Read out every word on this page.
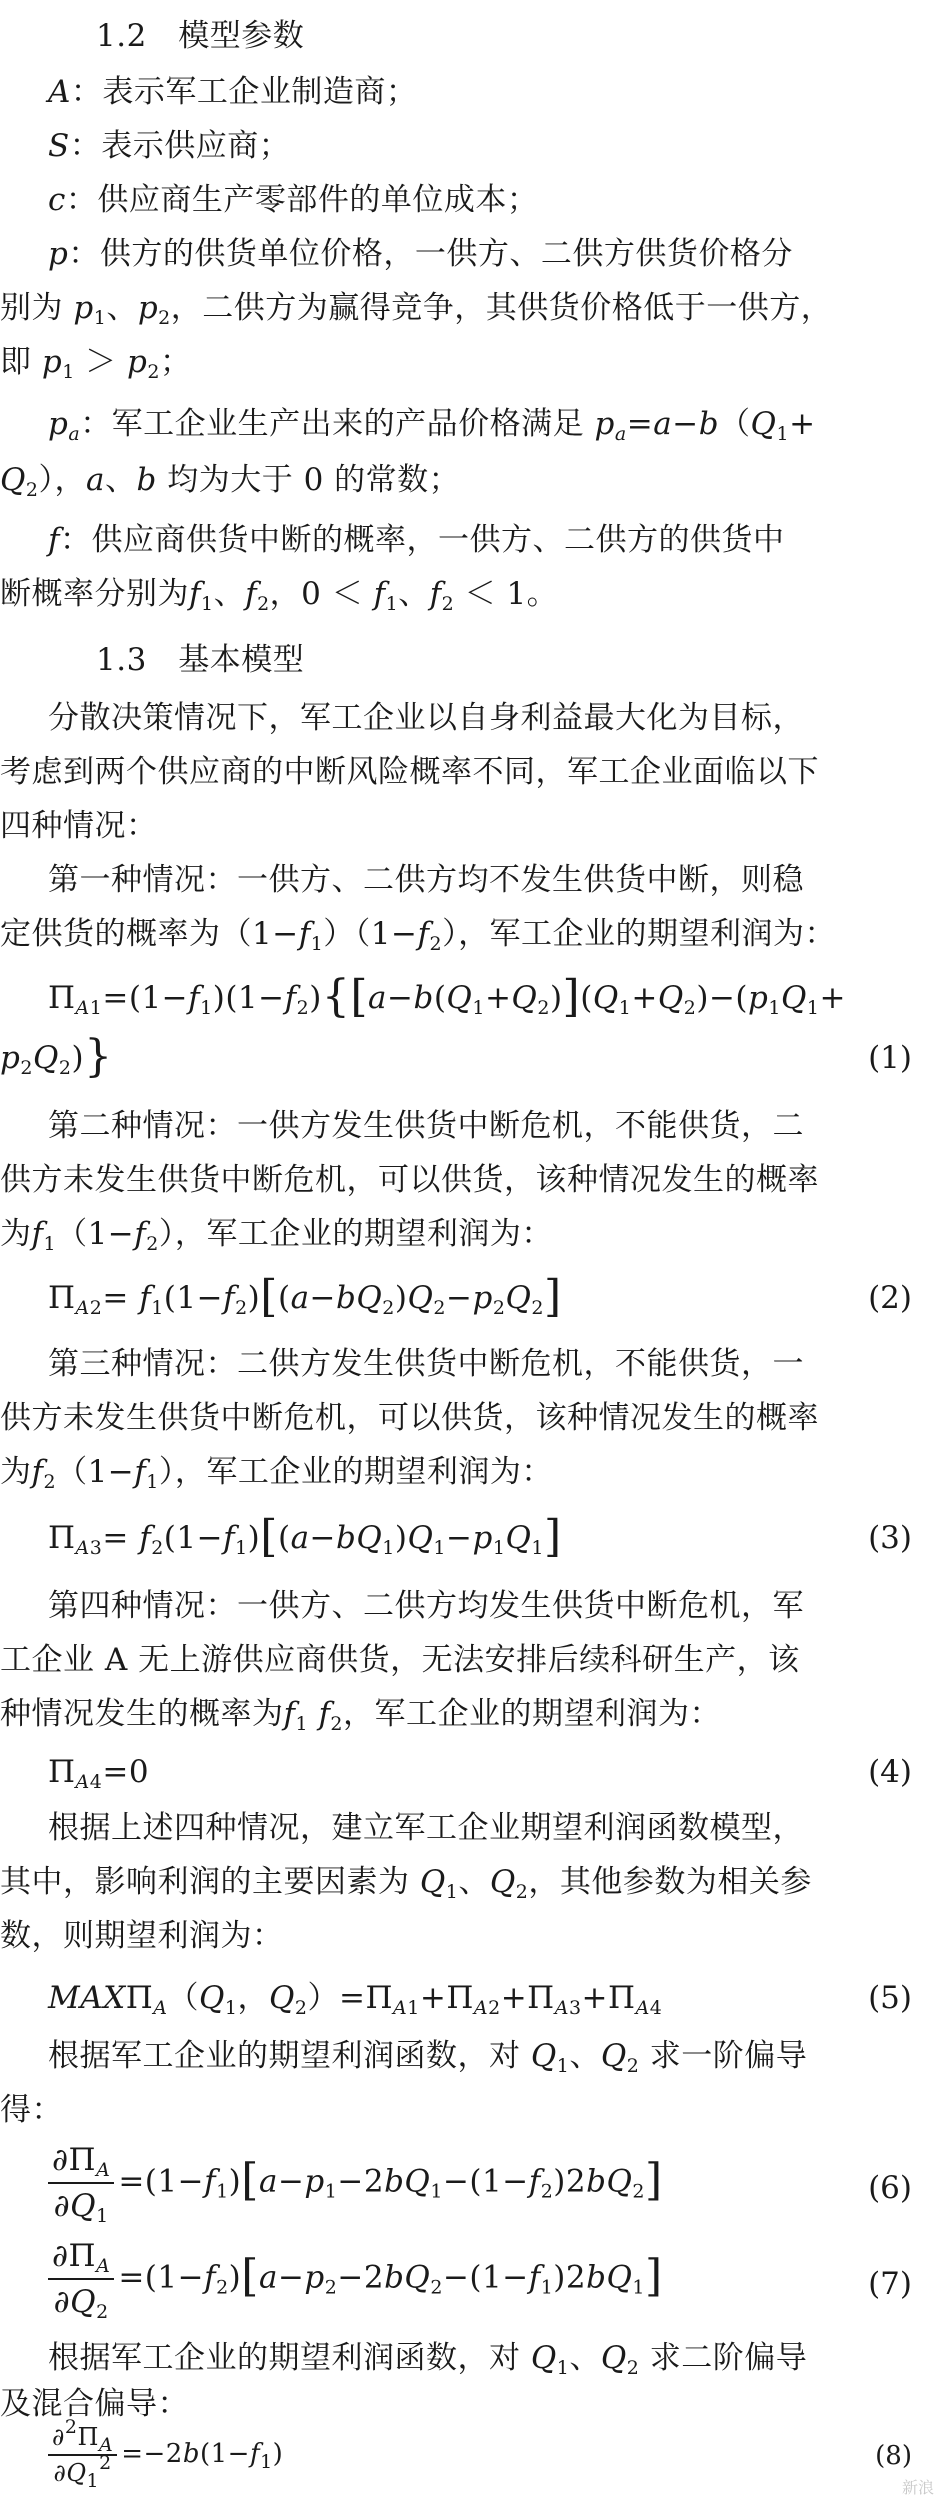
1.2　模型参数
A：表示军工企业制造商；
S：表示供应商；
c：供应商生产零部件的单位成本；
p：供方的供货单位价格，一供方、二供方供货价格分
别为 $p_1$、$p_2$，二供方为赢得竞争，其供货价格低于一供方，
即 $p_1 > p_2$；
$p_a$：军工企业生产出来的产品价格满足 $p_a=a-b(Q_1+$
$Q_2$），a、b 均为大于 0 的常数；
f：供应商供货中断的概率，一供方、二供方的供货中
断概率分别为$f_1$、$f_2$，$0 < f_1$、$f_2 < 1$。
1.3　基本模型
分散决策情况下，军工企业以自身利益最大化为目标，
考虑到两个供应商的中断风险概率不同，军工企业面临以下
四种情况：
第一种情况：一供方、二供方均不发生供货中断，则稳
定供货的概率为$(1-f_1)(1-f_2)$，军工企业的期望利润为：
$\Pi_{A1}=(1-f_1)(1-f_2)\{[a-b(Q_1+Q_2)](Q_1+Q_2)-(p_1Q_1+$
$p_2Q_2$)}	(1)
第二种情况：一供方发生供货中断危机，不能供货，二
供方未发生供货中断危机，可以供货，该种情况发生的概率
为$f_1(1-f_2)$，军工企业的期望利润为：
$\Pi_{A2}= f_1(1-f_2)[(a-bQ_2)Q_2-p_2Q_2]$	(2)
第三种情况：二供方发生供货中断危机，不能供货，一
供方未发生供货中断危机，可以供货，该种情况发生的概率
为$f_2(1-f_1)$，军工企业的期望利润为：
$\Pi_{A3}= f_2(1-f_1)[(a-bQ_1)Q_1-p_1Q_1]$	(3)
第四种情况：一供方、二供方均发生供货中断危机，军
工企业 A 无上游供应商供货，无法安排后续科研生产，该
种情况发生的概率为$f_1$ $f_2$，军工企业的期望利润为：
$\Pi_{A4}=0$	(4)
根据上述四种情况，建立军工企业期望利润函数模型，
其中，影响利润的主要因素为 $Q_1$、$Q_2$，其他参数为相关参
数，则期望利润为：
$MAX\Pi_A(Q_1$，$Q_2)=\Pi_{A1}+\Pi_{A2}+\Pi_{A3}+\Pi_{A4}$	(5)
根据军工企业的期望利润函数，对 $Q_1$、$Q_2$ 求一阶偏导
得：
$\frac{\partial\Pi_A}{\partial Q_1} =(1-f_1)[a-p_1-2bQ_1-(1-f_2)2bQ_2]$	(6)
$\frac{\partial\Pi_A}{\partial Q_2} =(1-f_2)[a-p_2-2bQ_2-(1-f_1)2bQ_1]$	(7)
根据军工企业的期望利润函数，对 $Q_1$、$Q_2$ 求二阶偏导
及混合偏导：
$\frac{\partial^2\Pi_A}{\partial Q_1^2} =-2b(1-f_1)$	(8)
新浪
